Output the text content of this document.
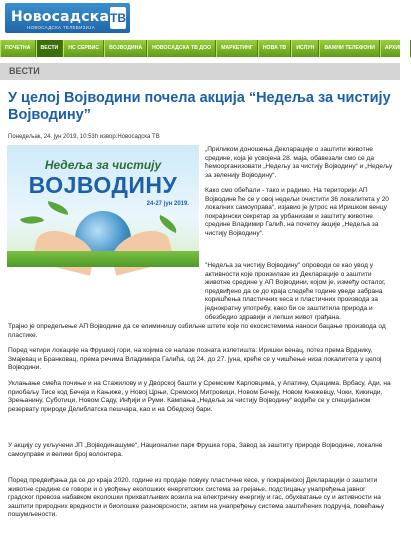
Новосадска
НОВОСАДСКА ТЕЛЕВИЗИЈА
TB
ПОЧЕТНА	ВЕСТИ	НС СЕРВИС	ВОЈВОДИНА	НОВОСАДСКА ТВ ДОО	МАРКЕТИНГ	НОВА ТВ	ИСПУН	ВАЖНИ ТЕЛЕФОНИ	АРХИВА
ВЕСТИ
У целој Војводини почела акција “Недеља за чистију Војводину”
Понедељак, 24. јун 2019, 10:53h извор:Новосадска ТВ
Недеља за чистију
ВОЈВОДИНУ
24-27 јун 2019.
„Приликом доношења Декларације о заштити животне средине, која је усвојена 28. маја, обавезали смо се да ћемоорганизовати „Недељу за чистију Војводину“ и „Недељу за зеленију Војводину“.
Како смо обећали - тако и радимо. На територији АП Војводине ће се у овој недељи очистити 36 локалитета у 20 локалних самоуправа“, изјавио је јутрос на Иришком венцу покрајински секретар за урбанизам и заштиту животне средине Владимир Галић, на почетку акције „Недеља за чистију Војводину“.
"Недеља за чистију Војводину" опроводи се као увод у активности које произилазе из Декларације о заштити животне средине у АП Војводини, којом је, између осталог, предвиђено да се до краја следеће године уведе забрана коришћења пластичних кеса и пластичних производа за једнократну употребу, како би се заштитила природа и обезбедио здравији и лепши живот грађана.
Трајно је опредељење АП Војводине да се елиминишу озбиљне штете које по екосистемима наноси бацање производа од пластике.
Поред четири локације на Фрушкој гори, на којима се налазе позната излетишта: Иришки венац, потез према Врднику, Змајевац и Бранковац, према речима Владимира Галића, од 24. до 27. јуна, креће се у чишћење низа локалитета у целој Војводини.
Уклањање смећа почиње и на Стажилову и у Дворској башти у Сремским Карловцима, у Апатину, Оџацима, Врбасу, Ади, на приобаљу Тисе код Бечеја и Кањиже, у Новој Црњи, Сремској Митровици, Новом Бечеју, Новом Кнежевцу, Чоки, Кикинди, Зрењанину, Суботици, Новом Саду, Инђији и Руми. Кампања „Недеља за чистију Војводину“ водиће се у специјалном резервату природе Делиблатска пешчара, као и на Обедској бари.
У акцију су укључени ЈП „Војводинашуме“, Национални парк Фрушка гора, Завод за заштиту природе Војводине, локалне самоуправе и велики број волонтера.
Поред предвиђања да се до краја 2020. године из продаје повуку пластичне кесе, у покрајинској Декларацији о заштити животне средине се говори и о увођењу еколошких енергетских система за грејање, подстицању унапређења јавног градског превоза набавком еколошки прихватљивих возила на електричну енергију и гас, обухватање су и активности на заштити природних вредности и биолошке разноврсности, затим на унапређењу система заштићених подручја, повећању пошумљености.
